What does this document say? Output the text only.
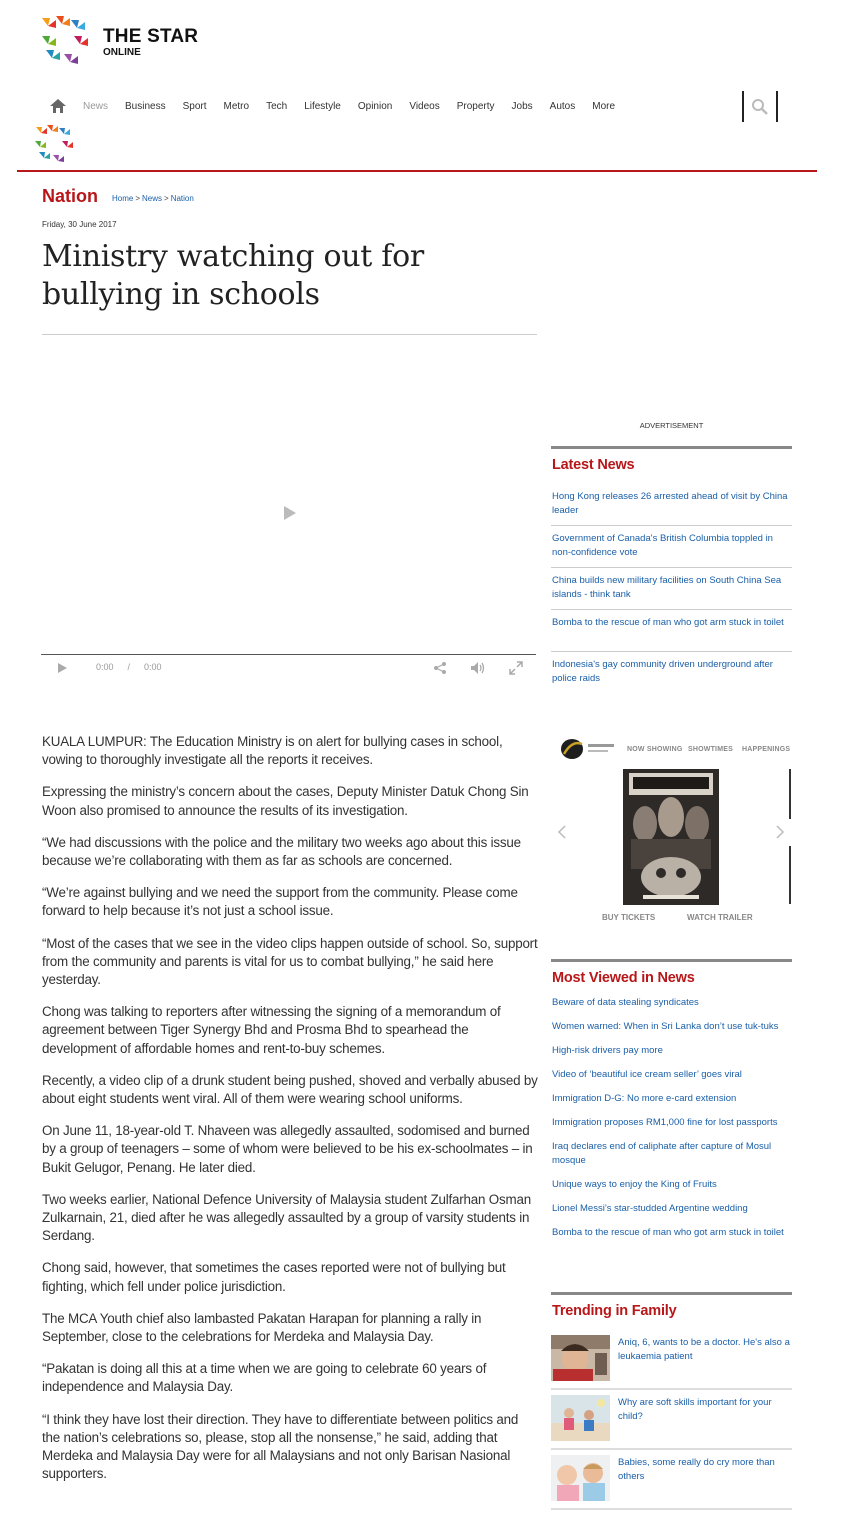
THE STAR
ONLINE
News Business Sport Metro Tech Lifestyle Opinion Videos Property Jobs Autos More
Nation Home > News > Nation
Friday, 30 June 2017
Ministry watching out for bullying in schools
0:00 / 0:00

KUALA LUMPUR: The Education Ministry is on alert for bullying cases in school, vowing to thoroughly investigate all the reports it receives.

Expressing the ministry’s concern about the cases, Deputy Minister Datuk Chong Sin Woon also promised to announce the results of its investigation.

“We had discussions with the police and the military two weeks ago about this issue because we’re collaborating with them as far as schools are concerned.

“We’re against bullying and we need the support from the community. Please come forward to help because it’s not just a school issue.

“Most of the cases that we see in the video clips happen outside of school. So, support from the community and parents is vital for us to combat bullying,” he said here yesterday.

Chong was talking to reporters after witnessing the signing of a memorandum of agreement between Tiger Synergy Bhd and Prosma Bhd to spearhead the development of affordable homes and rent-to-buy schemes.

Recently, a video clip of a drunk student being pushed, shoved and verbally abused by about eight students went viral. All of them were wearing school uniforms.

On June 11, 18-year-old T. Nhaveen was allegedly assaulted, sodomised and burned by a group of teenagers – some of whom were believed to be his ex-schoolmates – in Bukit Gelugor, Penang. He later died.

Two weeks earlier, National Defence University of Malaysia student Zulfarhan Osman Zulkarnain, 21, died after he was allegedly assaulted by a group of varsity students in Serdang.

Chong said, however, that sometimes the cases reported were not of bullying but fighting, which fell under police jurisdiction.

The MCA Youth chief also lambasted Pakatan Harapan for planning a rally in September, close to the celebrations for Merdeka and Malaysia Day.

“Pakatan is doing all this at a time when we are going to celebrate 60 years of independence and Malaysia Day.

“I think they have lost their direction. They have to differentiate between politics and the nation’s celebrations so, please, stop all the nonsense,” he said, adding that Merdeka and Malaysia Day were for all Malaysians and not only Barisan Nasional supporters.

ADVERTISEMENT
Latest News
Hong Kong releases 26 arrested ahead of visit by China leader
Government of Canada's British Columbia toppled in non-confidence vote
China builds new military facilities on South China Sea islands - think tank
Bomba to the rescue of man who got arm stuck in toilet
Indonesia's gay community driven underground after police raids
NOW SHOWING SHOWTIMES HAPPENINGS
BUY TICKETS	WATCH TRAILER
Most Viewed in News
Beware of data stealing syndicates
Women warned: When in Sri Lanka don’t use tuk-tuks
High-risk drivers pay more
Video of ‘beautiful ice cream seller’ goes viral
Immigration D-G: No more e-card extension
Immigration proposes RM1,000 fine for lost passports
Iraq declares end of caliphate after capture of Mosul mosque
Unique ways to enjoy the King of Fruits
Lionel Messi’s star-studded Argentine wedding
Bomba to the rescue of man who got arm stuck in toilet
Trending in Family
Aniq, 6, wants to be a doctor. He's also a leukaemia patient
Why are soft skills important for your child?
Babies, some really do cry more than others
